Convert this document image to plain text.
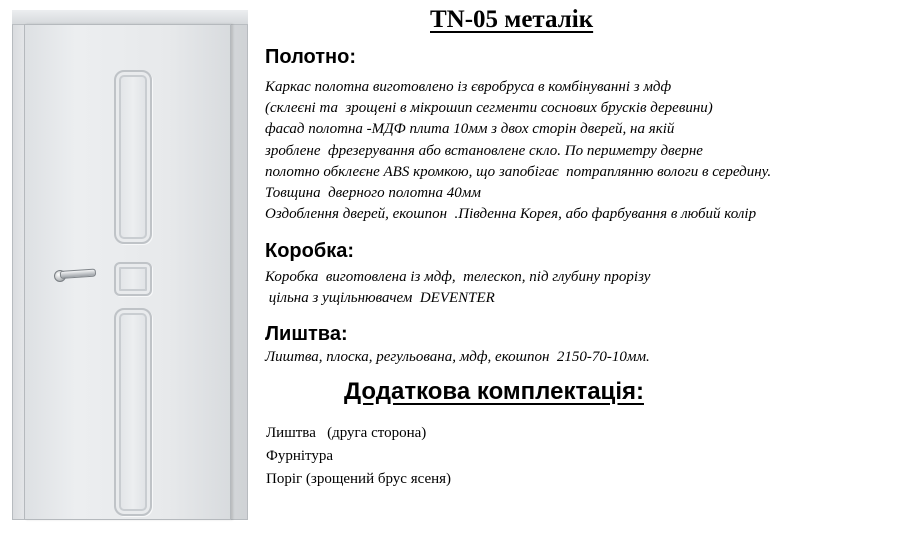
TN-05 металік
Полотно:

Каркас полотна виготовлено із євробруса в комбінуванні з мдф
(склеєні та  зрощені в мікрошип сегменти соснових брусків деревини)
фасад полотна -МДФ плита 10мм з двох сторін дверей, на якій
зроблене  фрезерування або встановлене скло. По периметру дверне
полотно обклеєне ABS кромкою, що запобігає  потраплянню вологи в середину.
Товщина  дверного полотна 40мм
Оздоблення дверей, екошпон  .Південна Корея, або фарбування в любий колір

Коробка:

Коробка  виготовлена із мдф,  телескоп, під глубину прорізу
цільна з ущільнювачем  DEVENTER

Лиштва:

Лиштва, плоска, регульована, мдф, екошпон  2150-70-10мм.

Додаткова комплектація:
Лиштва   (друга сторона)
Фурнітура
Поріг (зрощений брус ясеня)
